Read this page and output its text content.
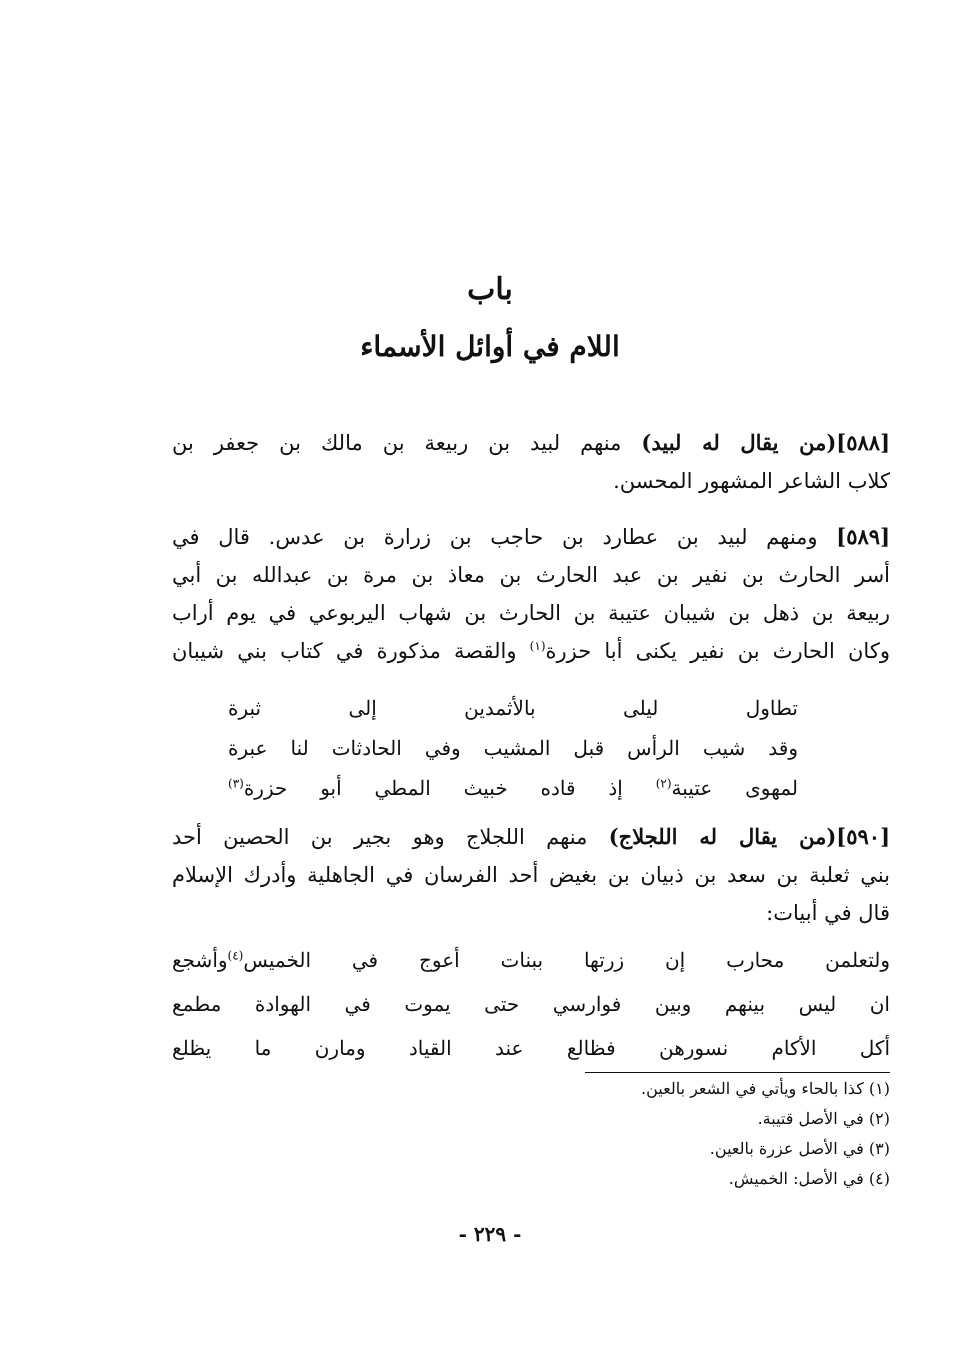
باب
اللام في أوائل الأسماء

[٥٨٨](من يقال له لبيد) منهم لبيد بن ربيعة بن مالك بن جعفر بن
كلاب الشاعر المشهور المحسن.

[٥٨٩] ومنهم لبيد بن عطارد بن حاجب بن زرارة بن عدس. قال في
أسر الحارث بن نفير بن عبد الحارث بن معاذ بن مرة بن عبدالله بن أبي
ربيعة بن ذهل بن شيبان عتيبة بن الحارث بن شهاب اليربوعي في يوم أراب
وكان الحارث بن نفير يكنى أبا حزرة$^{(١)}$ والقصة مذكورة في كتاب بني شيبان

تطاول ليلى بالأثمدين إلى ثبرة
وقد شيب الرأس قبل المشيب وفي الحادثات لنا عبرة
لمهوى عتيبة$^{(٢)}$ إذ قاده خبيث المطي أبو حزرة$^{(٣)}$

[٥٩٠](من يقال له اللجلاج) منهم اللجلاج وهو بجير بن الحصين أحد
بني ثعلبة بن سعد بن ذبيان بن بغيض أحد الفرسان في الجاهلية وأدرك الإسلام
قال في أبيات:

ولتعلمن محارب إن زرتها ببنات أعوج في الخميس$^{(٤)}$وأشجع
ان ليس بينهم وبين فوارسي حتى يموت في الهوادة مطمع
أكل الأكام نسورهن فظالع عند القياد ومارن ما يظلع
(١) كذا بالحاء ويأتي في الشعر بالعين.
(٢) في الأصل قتيبة.
(٣) في الأصل عزرة بالعين.
(٤) في الأصل: الخميش.
- ٢٢٩ -
